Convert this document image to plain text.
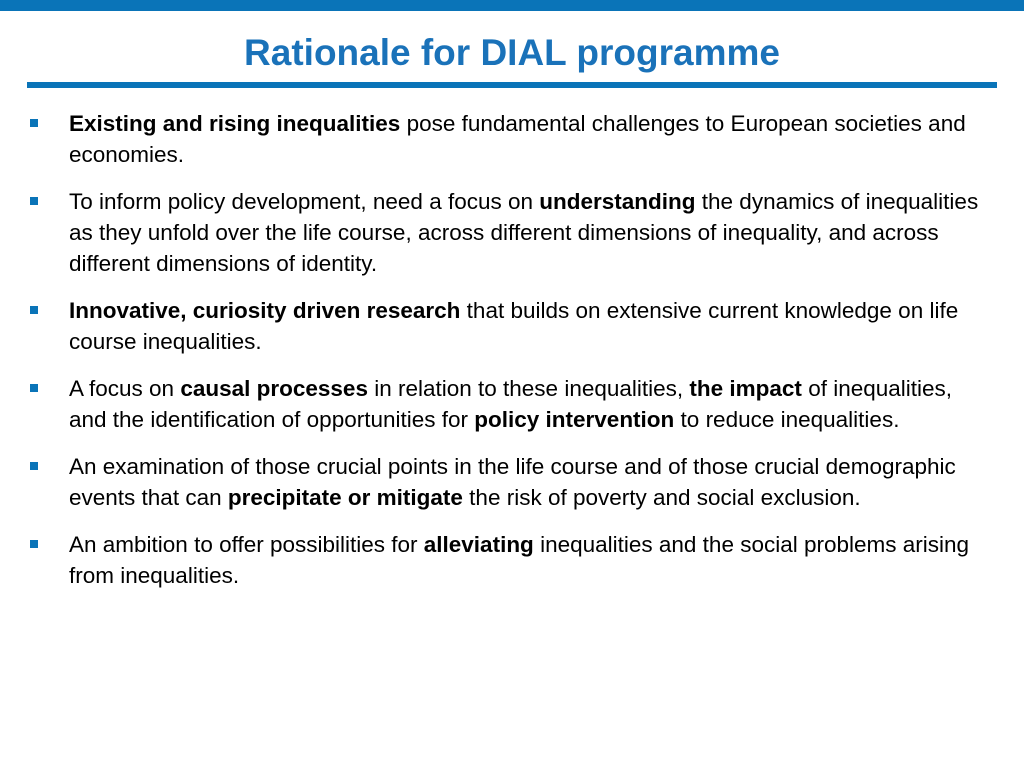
Rationale for DIAL programme
Existing and rising inequalities pose fundamental challenges to European societies and economies.
To inform policy development, need a focus on understanding the dynamics of inequalities as they unfold over the life course, across different dimensions of inequality, and across different dimensions of identity.
Innovative, curiosity driven research that builds on extensive current knowledge on life course inequalities.
A focus on causal processes in relation to these inequalities, the impact of inequalities, and the identification of opportunities for policy intervention to reduce inequalities.
An examination of those crucial points in the life course and of those crucial demographic events that can precipitate or mitigate the risk of poverty and social exclusion.
An ambition to offer possibilities for alleviating inequalities and the social problems arising from inequalities.
